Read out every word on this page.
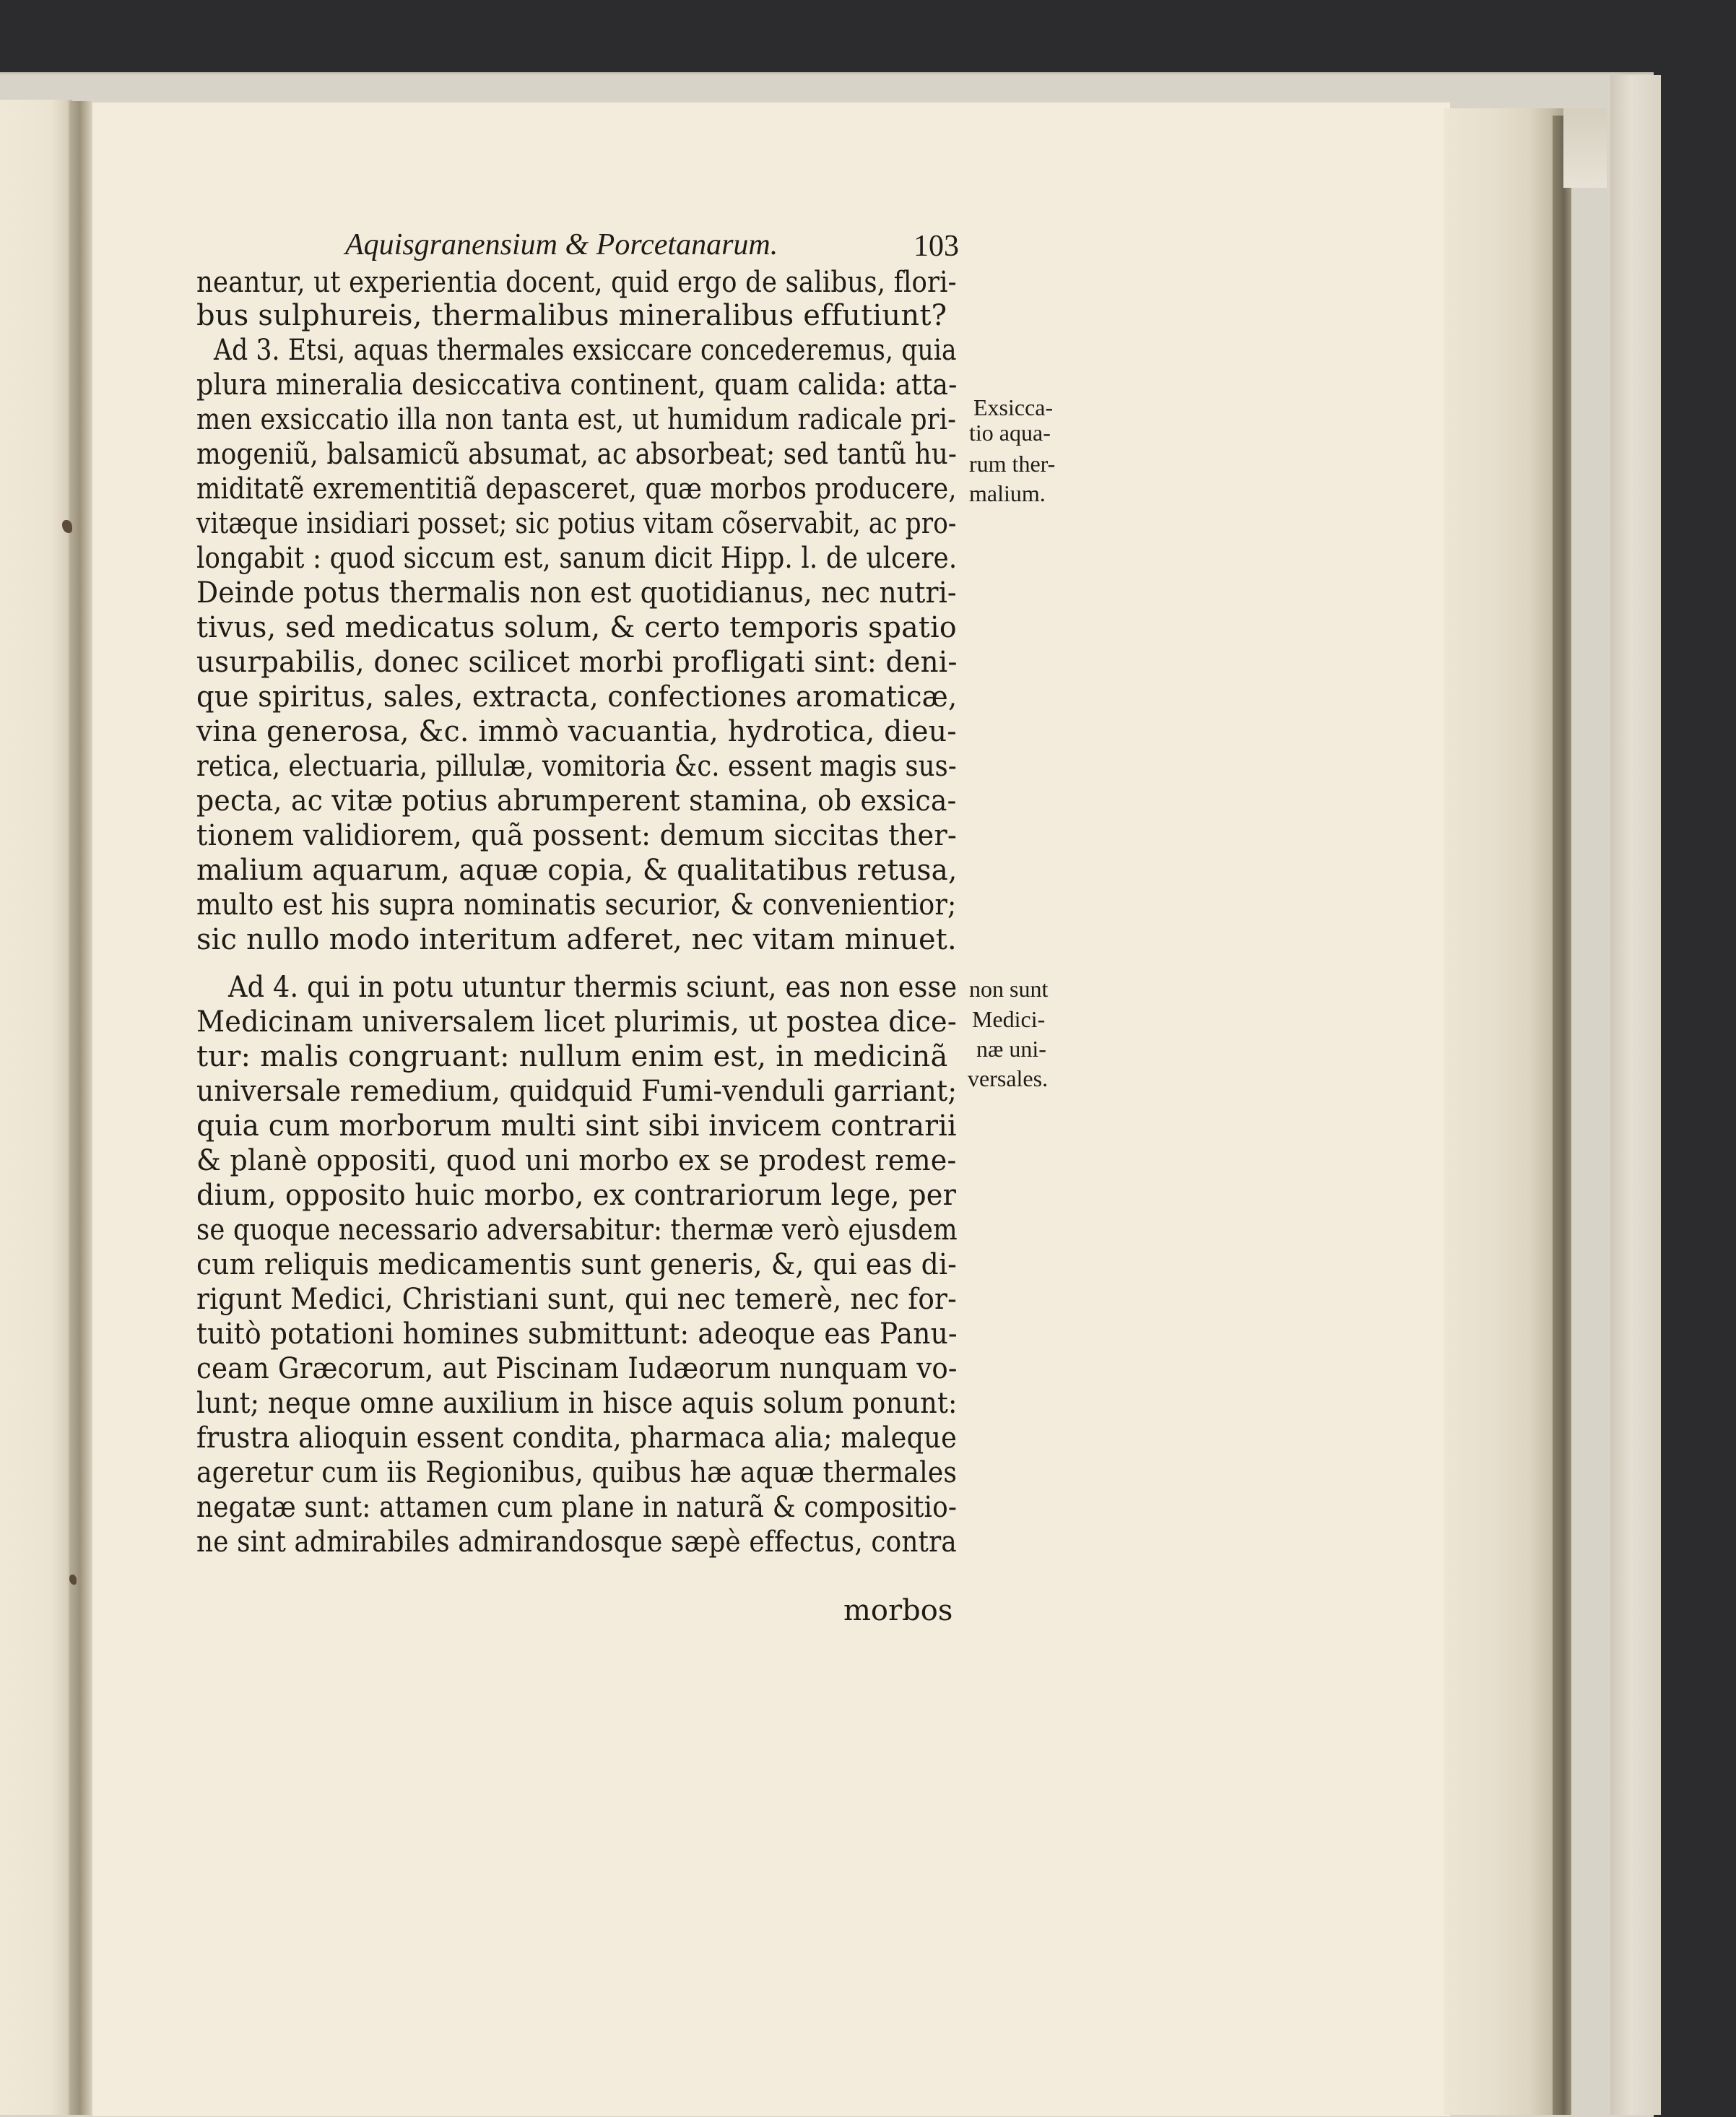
Aquisgranensium & Porcetanarum.	103
neantur, ut experientia docent, quid ergo de salibus, flori-
bus sulphureis, thermalibus mineralibus effutiunt?
Ad 3. Etsi, aquas thermales exsiccare concederemus, quia
plura mineralia desiccativa continent, quam calida: atta-
men exsiccatio illa non tanta est, ut humidum radicale pri-
mogeniũ, balsamicũ absumat, ac absorbeat; sed tantũ hu-
miditatẽ exrementitiã depasceret, quæ morbos producere,
vitæque insidiari posset; sic potius vitam cõservabit, ac pro-
longabit : quod siccum est, sanum dicit Hipp. l. de ulcere.
Deinde potus thermalis non est quotidianus, nec nutri-
tivus, sed medicatus solum, & certo temporis spatio
usurpabilis, donec scilicet morbi profligati sint: deni-
que spiritus, sales, extracta, confectiones aromaticæ,
vina generosa, &c. immò vacuantia, hydrotica, dieu-
retica, electuaria, pillulæ, vomitoria &c. essent magis sus-
pecta, ac vitæ potius abrumperent stamina, ob exsica-
tionem validiorem, quã possent: demum siccitas ther-
malium aquarum, aquæ copia, & qualitatibus retusa,
multo est his supra nominatis securior, & convenientior;
sic nullo modo interitum adferet, nec vitam minuet.
Ad 4. qui in potu utuntur thermis sciunt, eas non esse
Medicinam universalem licet plurimis, ut postea dice-
tur: malis congruant: nullum enim est, in medicinã
universale remedium, quidquid Fumi-venduli garriant;
quia cum morborum multi sint sibi invicem contrarii
& planè oppositi, quod uni morbo ex se prodest reme-
dium, opposito huic morbo, ex contrariorum lege, per
se quoque necessario adversabitur: thermæ verò ejusdem
cum reliquis medicamentis sunt generis, &, qui eas di-
rigunt Medici, Christiani sunt, qui nec temerè, nec for-
tuitò potationi homines submittunt: adeoque eas Panu-
ceam Græcorum, aut Piscinam Iudæorum nunquam vo-
lunt; neque omne auxilium in hisce aquis solum ponunt:
frustra alioquin essent condita, pharmaca alia; maleque
ageretur cum iis Regionibus, quibus hæ aquæ thermales
negatæ sunt: attamen cum plane in naturã & compositio-
ne sint admirabiles admirandosque sæpè effectus, contra
morbos
Exsicca-
tio aqua-
rum ther-
malium.
non sunt
Medici-
næ uni-
versales.
